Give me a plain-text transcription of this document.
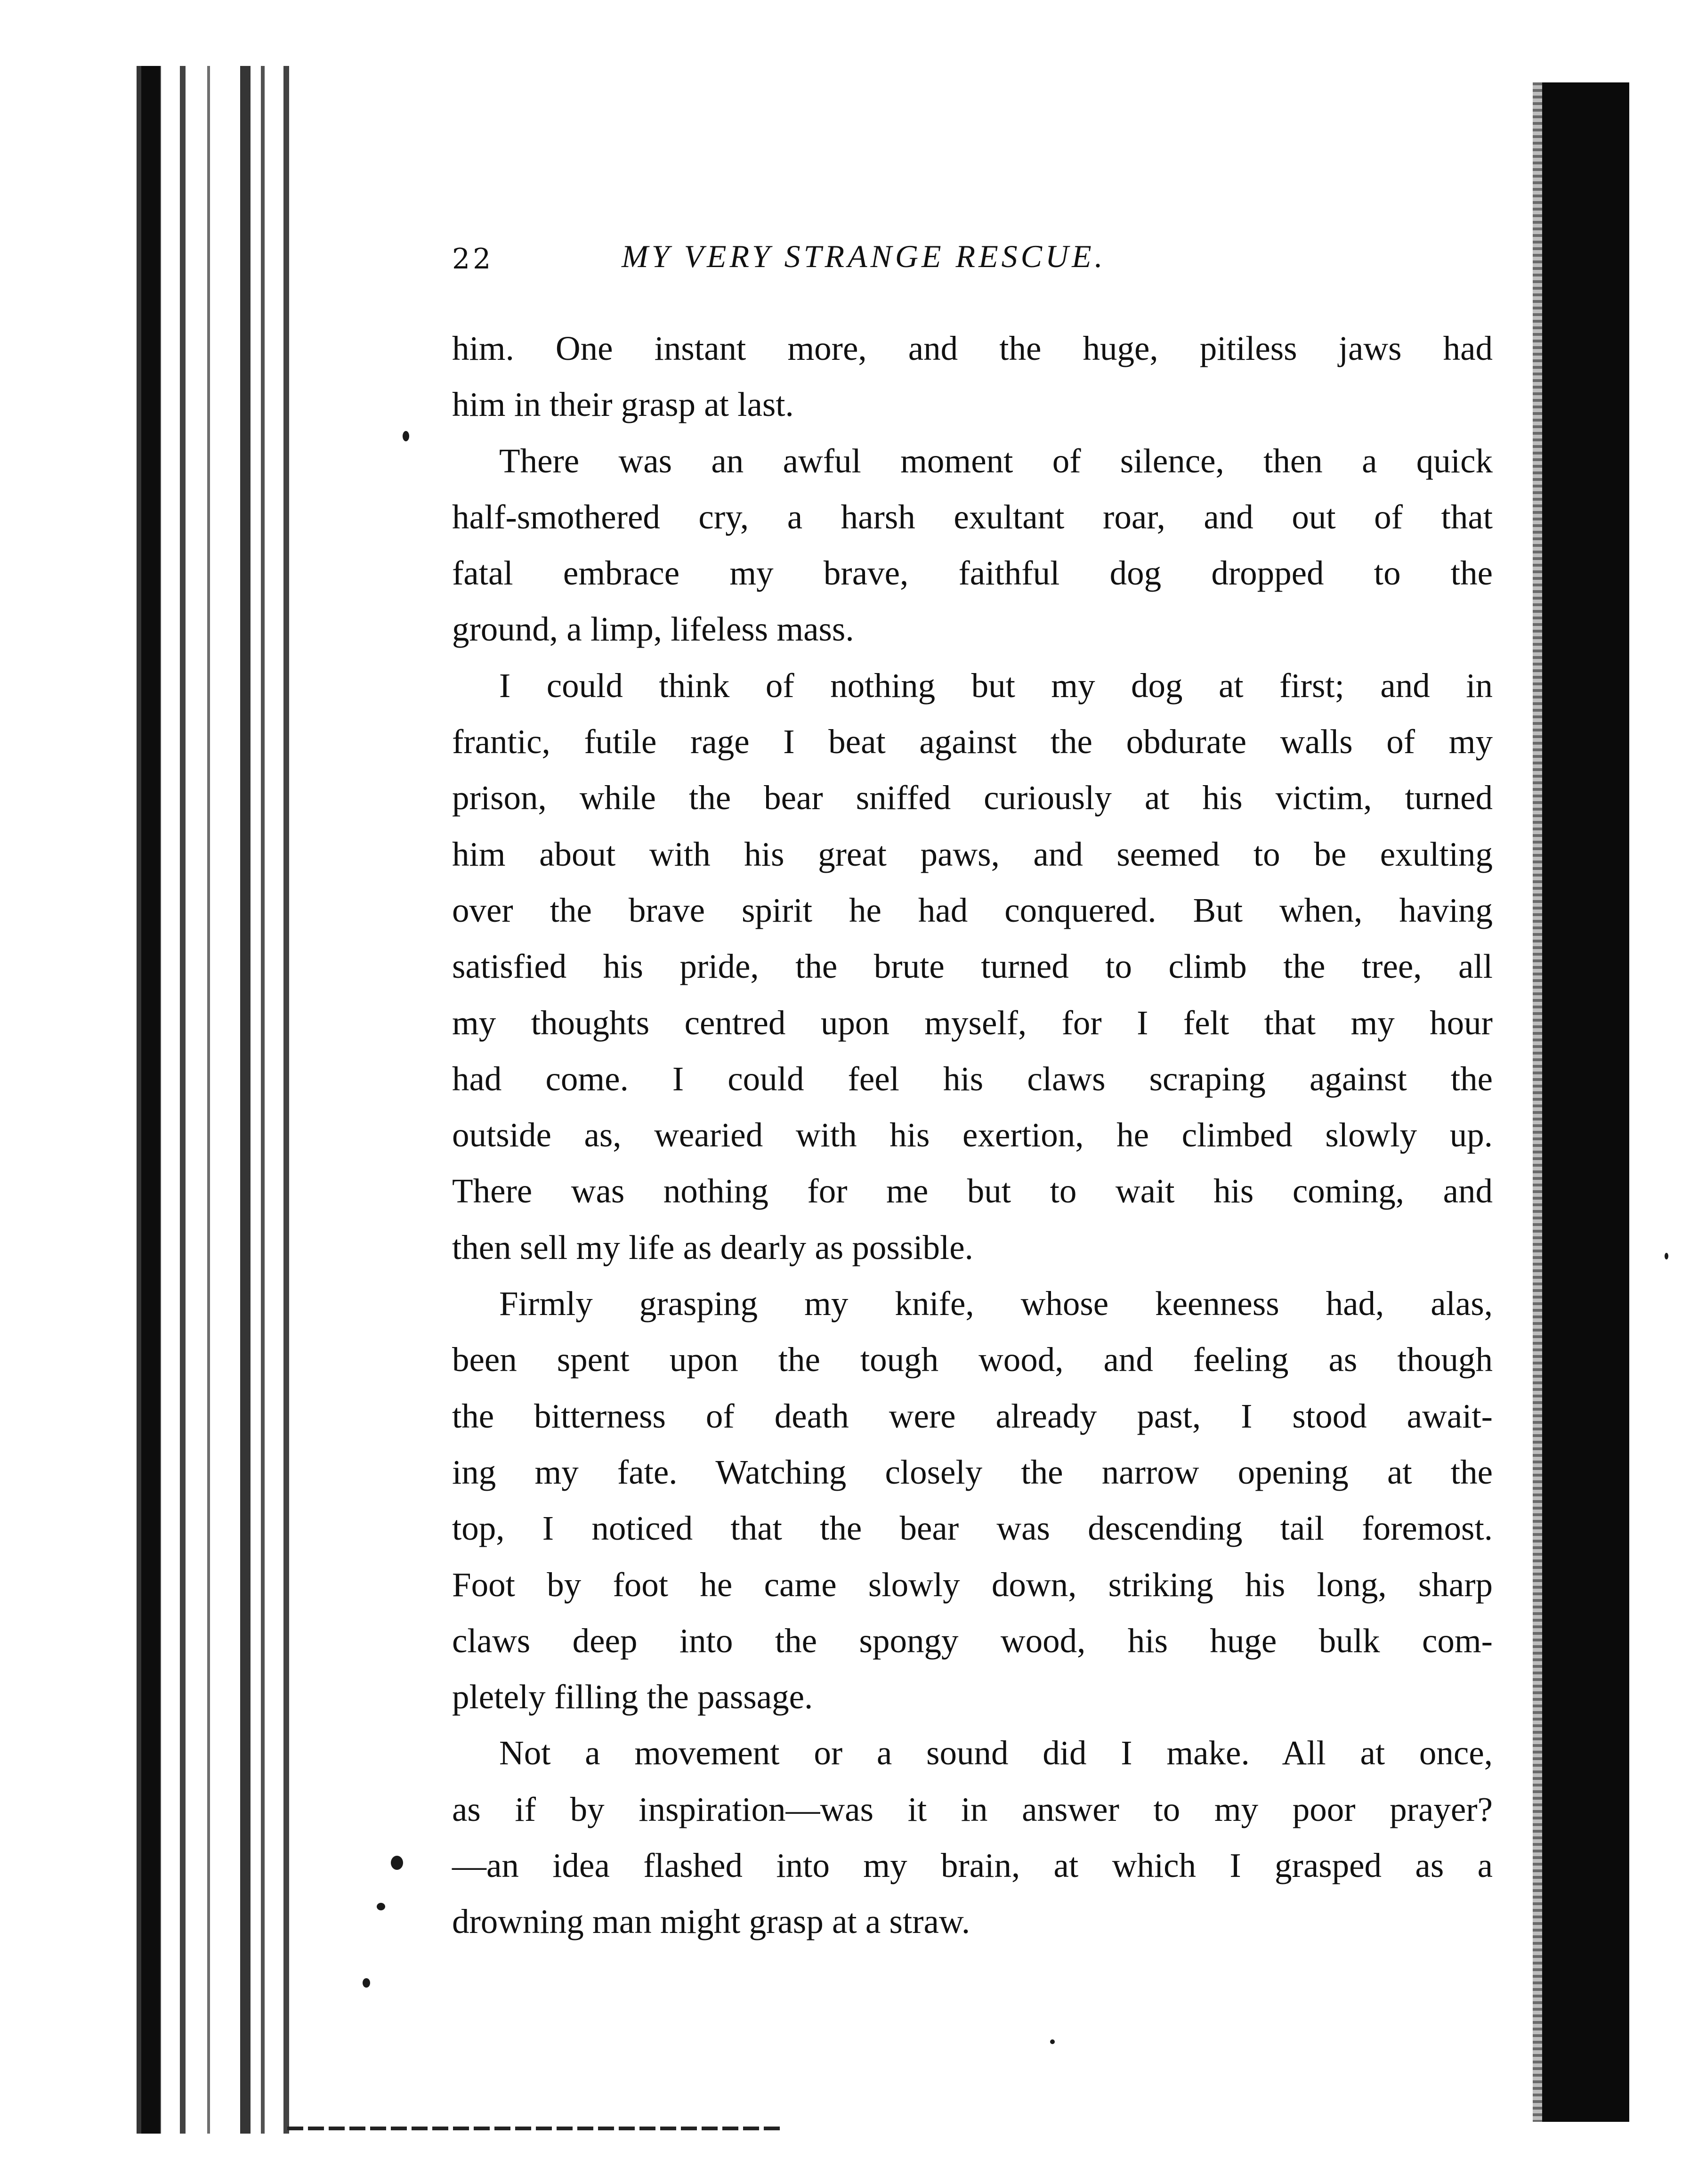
22	MY VERY STRANGE RESCUE.
him. One instant more, and the huge, pitiless jaws had
him in their grasp at last.
There was an awful moment of silence, then a quick
half-smothered cry, a harsh exultant roar, and out of that
fatal embrace my brave, faithful dog dropped to the
ground, a limp, lifeless mass.
I could think of nothing but my dog at first; and in
frantic, futile rage I beat against the obdurate walls of my
prison, while the bear sniffed curiously at his victim, turned
him about with his great paws, and seemed to be exulting
over the brave spirit he had conquered. But when, having
satisfied his pride, the brute turned to climb the tree, all
my thoughts centred upon myself, for I felt that my hour
had come. I could feel his claws scraping against the
outside as, wearied with his exertion, he climbed slowly up.
There was nothing for me but to wait his coming, and
then sell my life as dearly as possible.
Firmly grasping my knife, whose keenness had, alas,
been spent upon the tough wood, and feeling as though
the bitterness of death were already past, I stood await-
ing my fate. Watching closely the narrow opening at the
top, I noticed that the bear was descending tail foremost.
Foot by foot he came slowly down, striking his long, sharp
claws deep into the spongy wood, his huge bulk com-
pletely filling the passage.
Not a movement or a sound did I make. All at once,
as if by inspiration—was it in answer to my poor prayer?
—an idea flashed into my brain, at which I grasped as a
drowning man might grasp at a straw.
